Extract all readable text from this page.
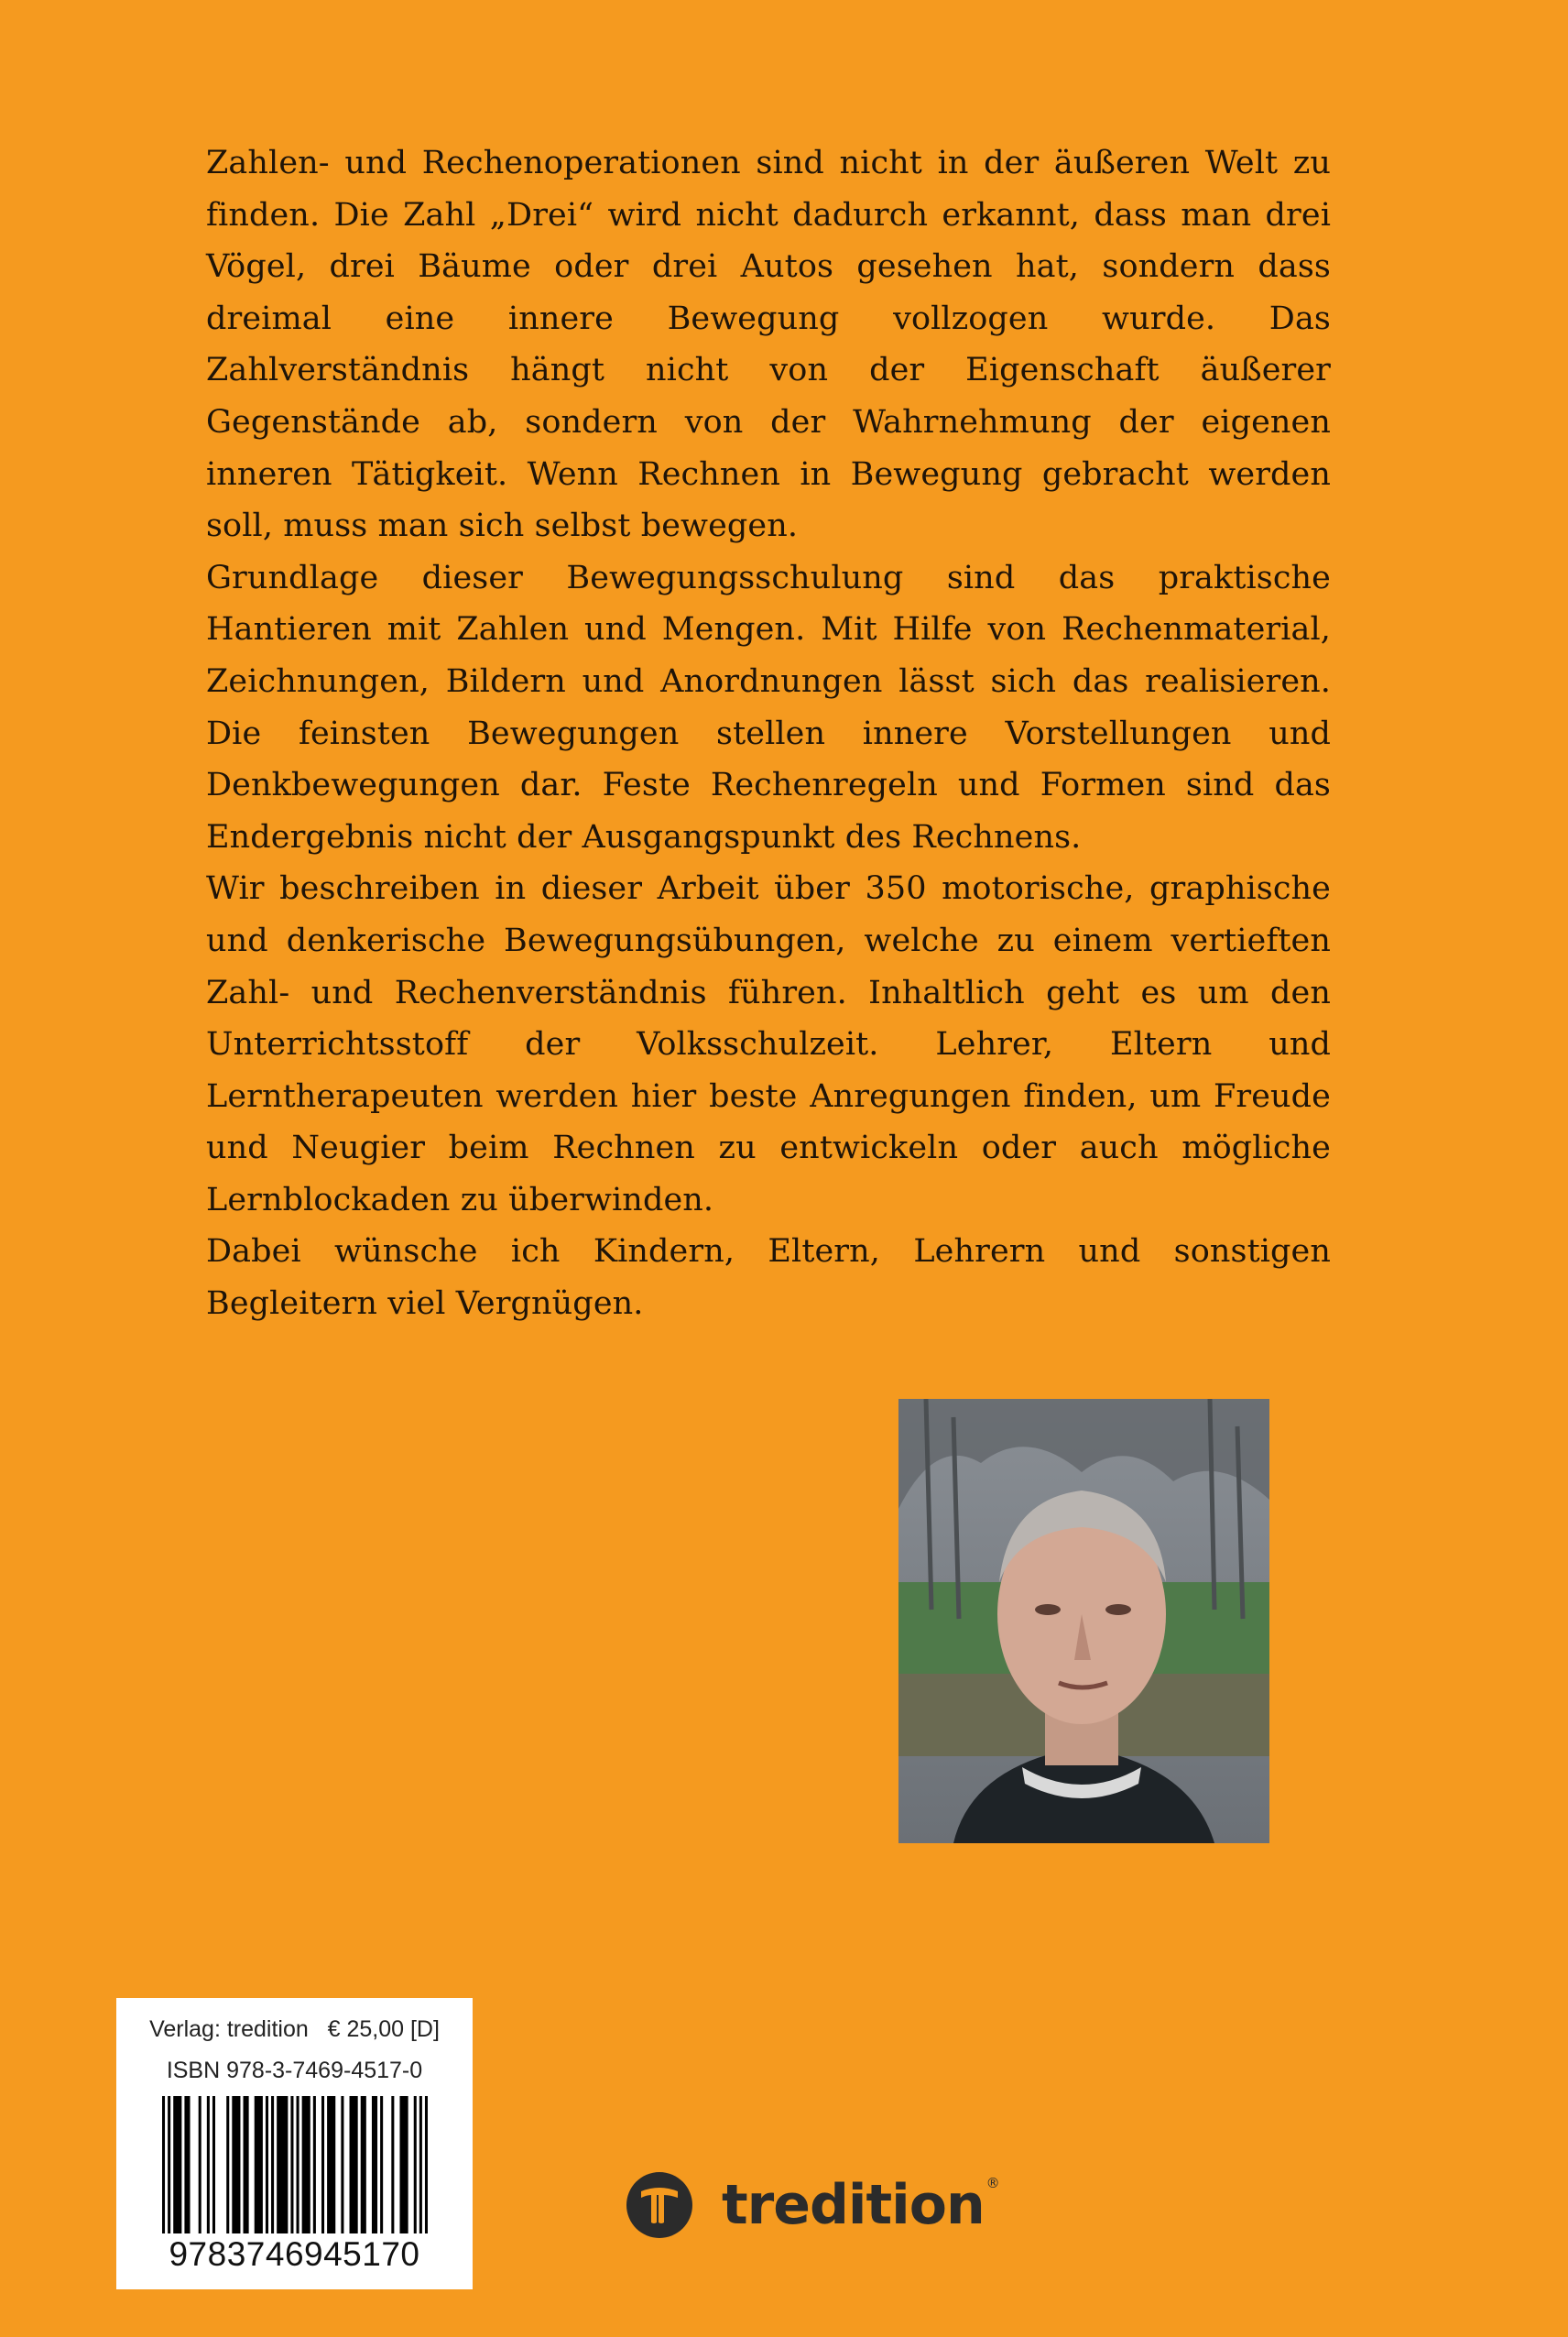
Zahlen- und Rechenoperationen sind nicht in der äußeren Welt zu finden. Die Zahl „Drei“ wird nicht dadurch erkannt, dass man drei Vögel, drei Bäume oder drei Autos gesehen hat, sondern dass dreimal eine innere Bewegung vollzogen wurde. Das Zahlverständnis hängt nicht von der Eigenschaft äußerer Gegenstände ab, sondern von der Wahrnehmung der eigenen inneren Tätigkeit. Wenn Rechnen in Bewegung gebracht werden soll, muss man sich selbst bewegen.

Grundlage dieser Bewegungsschulung sind das praktische Hantieren mit Zahlen und Mengen. Mit Hilfe von Rechenmaterial, Zeichnungen, Bildern und Anordnungen lässt sich das realisieren. Die feinsten Bewegungen stellen innere Vorstellungen und Denkbewegungen dar. Feste Rechenregeln und Formen sind das Endergebnis nicht der Ausgangspunkt des Rechnens.

Wir beschreiben in dieser Arbeit über 350 motorische, graphische und denkerische Bewegungsübungen, welche zu einem vertieften Zahl- und Rechenverständnis führen. Inhaltlich geht es um den Unterrichtsstoff der Volksschulzeit. Lehrer, Eltern und Lerntherapeuten werden hier beste Anregungen finden, um Freude und Neugier beim Rechnen zu entwickeln oder auch mögliche Lernblockaden zu überwinden.

Dabei wünsche ich Kindern, Eltern, Lehrern und sonstigen Begleitern viel Vergnügen.

Verlag: tredition   € 25,00 [D]
ISBN 978-3-7469-4517-0
9783746945170
tredition ®
